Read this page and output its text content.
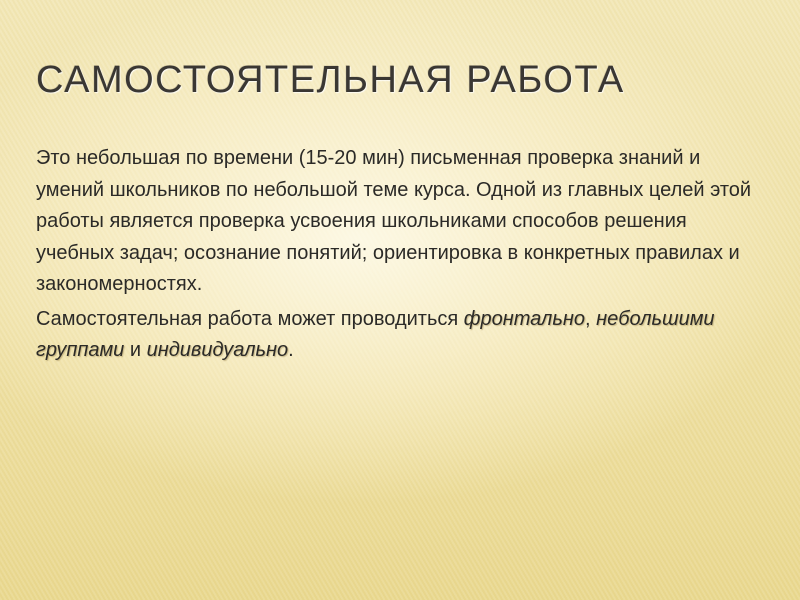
САМОСТОЯТЕЛЬНАЯ РАБОТА

Это небольшая по времени (15-20 мин) письменная проверка знаний и умений школьников по небольшой теме курса. Одной из главных целей этой работы является проверка усвоения школьниками способов решения учебных задач; осознание понятий; ориентировка в конкретных правилах и закономерностях.

Самостоятельная работа может проводиться фронтально, небольшими группами и индивидуально.
